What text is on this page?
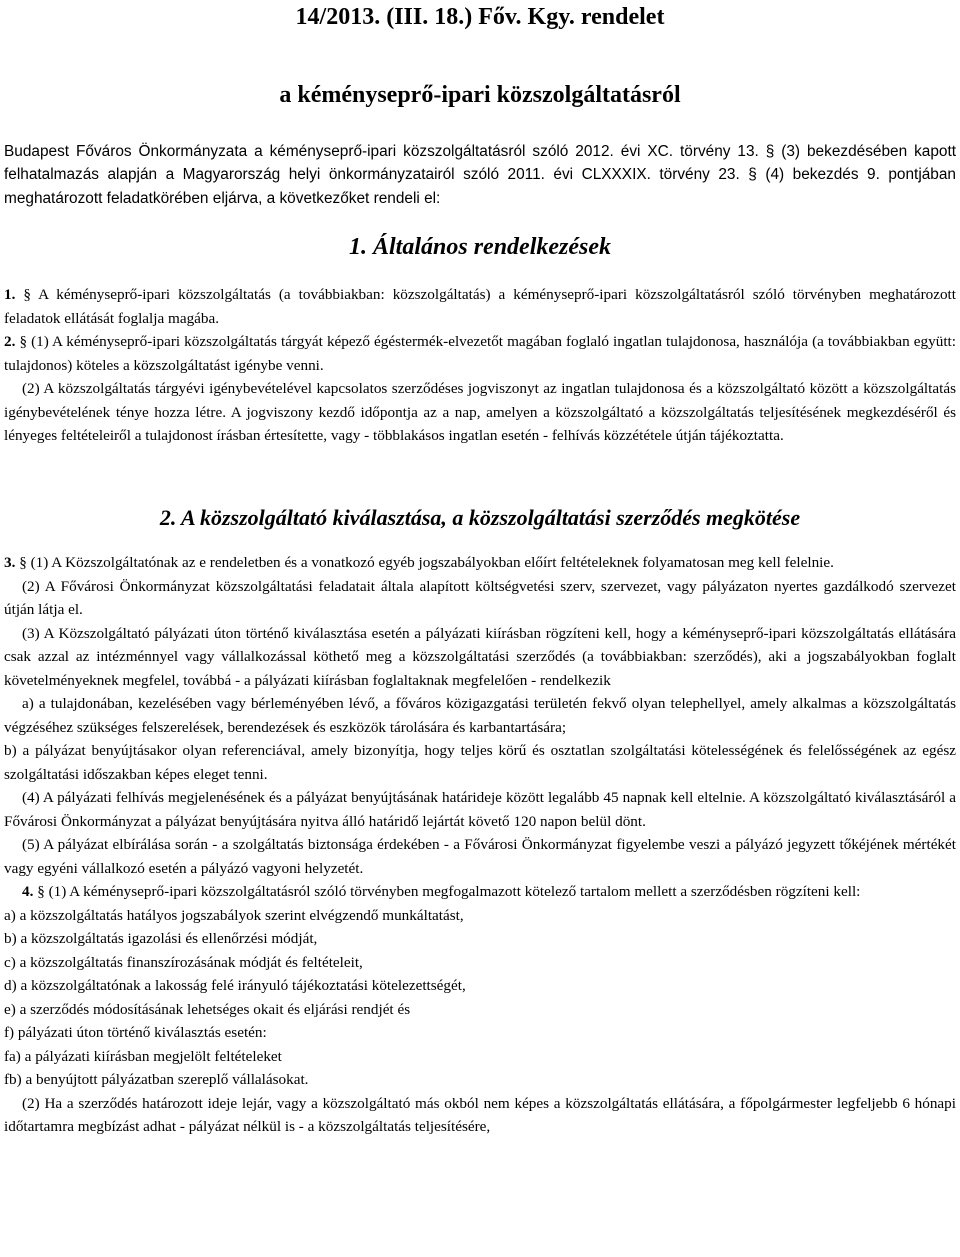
14/2013. (III. 18.) Főv. Kgy. rendelet
a kéményseprő-ipari közszolgáltatásról

Budapest Főváros Önkormányzata a kéményseprő-ipari közszolgáltatásról szóló 2012. évi XC. törvény 13. § (3) bekezdésében kapott felhatalmazás alapján a Magyarország helyi önkormányzatairól szóló 2011. évi CLXXXIX. törvény 23. § (4) bekezdés 9. pontjában meghatározott feladatkörében eljárva, a következőket rendeli el:

1. Általános rendelkezések

1. § A kéményseprő-ipari közszolgáltatás (a továbbiakban: közszolgáltatás) a kéményseprő-ipari közszolgáltatásról szóló törvényben meghatározott feladatok ellátását foglalja magába.

2. § (1) A kéményseprő-ipari közszolgáltatás tárgyát képező égéstermék-elvezetőt magában foglaló ingatlan tulajdonosa, használója (a továbbiakban együtt: tulajdonos) köteles a közszolgáltatást igénybe venni.

(2) A közszolgáltatás tárgyévi igénybevételével kapcsolatos szerződéses jogviszonyt az ingatlan tulajdonosa és a közszolgáltató között a közszolgáltatás igénybevételének ténye hozza létre. A jogviszony kezdő időpontja az a nap, amelyen a közszolgáltató a közszolgáltatás teljesítésének megkezdéséről és lényeges feltételeiről a tulajdonost írásban értesítette, vagy - többlakásos ingatlan esetén - felhívás közzététele útján tájékoztatta.

2. A közszolgáltató kiválasztása, a közszolgáltatási szerződés megkötése

3. § (1) A Közszolgáltatónak az e rendeletben és a vonatkozó egyéb jogszabályokban előírt feltételeknek folyamatosan meg kell felelnie.

(2) A Fővárosi Önkormányzat közszolgáltatási feladatait általa alapított költségvetési szerv, szervezet, vagy pályázaton nyertes gazdálkodó szervezet útján látja el.

(3) A Közszolgáltató pályázati úton történő kiválasztása esetén a pályázati kiírásban rögzíteni kell, hogy a kéményseprő-ipari közszolgáltatás ellátására csak azzal az intézménnyel vagy vállalkozással köthető meg a közszolgáltatási szerződés (a továbbiakban: szerződés), aki a jogszabályokban foglalt követelményeknek megfelel, továbbá - a pályázati kiírásban foglaltaknak megfelelően - rendelkezik

a) a tulajdonában, kezelésében vagy bérleményében lévő, a főváros közigazgatási területén fekvő olyan telephellyel, amely alkalmas a közszolgáltatás végzéséhez szükséges felszerelések, berendezések és eszközök tárolására és karbantartására;

b) a pályázat benyújtásakor olyan referenciával, amely bizonyítja, hogy teljes körű és osztatlan szolgáltatási kötelességének és felelősségének az egész szolgáltatási időszakban képes eleget tenni.

(4) A pályázati felhívás megjelenésének és a pályázat benyújtásának határideje között legalább 45 napnak kell eltelnie. A közszolgáltató kiválasztásáról a Fővárosi Önkormányzat a pályázat benyújtására nyitva álló határidő lejártát követő 120 napon belül dönt.

(5) A pályázat elbírálása során - a szolgáltatás biztonsága érdekében - a Fővárosi Önkormányzat figyelembe veszi a pályázó jegyzett tőkéjének mértékét vagy egyéni vállalkozó esetén a pályázó vagyoni helyzetét.

4. § (1) A kéményseprő-ipari közszolgáltatásról szóló törvényben megfogalmazott kötelező tartalom mellett a szerződésben rögzíteni kell:

a) a közszolgáltatás hatályos jogszabályok szerint elvégzendő munkáltatást,

b) a közszolgáltatás igazolási és ellenőrzési módját,

c) a közszolgáltatás finanszírozásának módját és feltételeit,

d) a közszolgáltatónak a lakosság felé irányuló tájékoztatási kötelezettségét,

e) a szerződés módosításának lehetséges okait és eljárási rendjét és

f) pályázati úton történő kiválasztás esetén:

fa) a pályázati kiírásban megjelölt feltételeket

fb) a benyújtott pályázatban szereplő vállalásokat.

(2) Ha a szerződés határozott ideje lejár, vagy a közszolgáltató más okból nem képes a közszolgáltatás ellátására, a főpolgármester legfeljebb 6 hónapi időtartamra megbízást adhat - pályázat nélkül is - a közszolgáltatás teljesítésére,
